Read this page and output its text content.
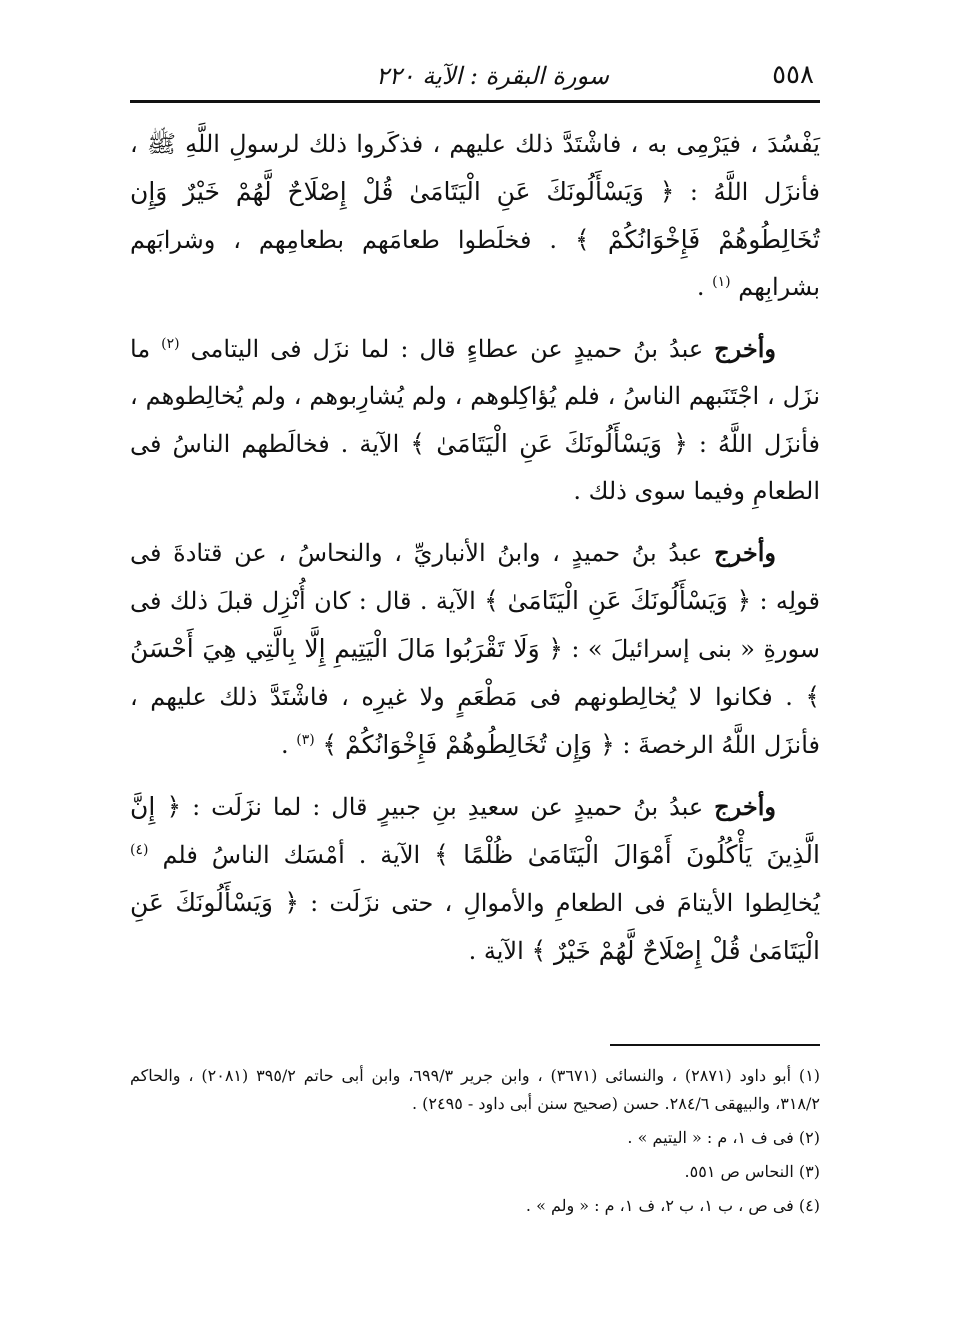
٥٥٨
سورة البقرة : الآية ٢٢٠

يَفْسُدَ ، فيَرْمِى به ، فاشْتَدَّ ذلك عليهم ، فذكَروا ذلك لرسولِ اللَّهِ ﷺ ، فأنزَل اللَّهُ : ﴿ وَيَسْأَلُونَكَ عَنِ الْيَتَامَىٰ قُلْ إِصْلَاحٌ لَّهُمْ خَيْرٌ وَإِن تُخَالِطُوهُمْ فَإِخْوَانُكُمْ ﴾ . فخلَطوا طعامَهم بطعامِهم ، وشرابَهم بشرابِهم $^{(١)}$ .

وأخرج عبدُ بنُ حميدٍ عن عطاءٍ قال : لما نزَل فى اليتامى $^{(٢)}$ ما نزَل ، اجْتَنَبهم الناسُ ، فلم يُؤاكِلوهم ، ولم يُشارِبوهم ، ولم يُخالِطوهم ، فأنزَل اللَّهُ : ﴿ وَيَسْأَلُونَكَ عَنِ الْيَتَامَىٰ ﴾ الآية . فخالَطهم الناسُ فى الطعامِ وفيما سوى ذلك .

وأخرج عبدُ بنُ حميدٍ ، وابنُ الأنباريِّ ، والنحاسُ ، عن قتادةَ فى قولِه : ﴿ وَيَسْأَلُونَكَ عَنِ الْيَتَامَىٰ ﴾ الآية . قال : كان أُنْزِل قبلَ ذلك فى سورةِ « بنى إسرائيلَ » : ﴿ وَلَا تَقْرَبُوا مَالَ الْيَتِيمِ إِلَّا بِالَّتِي هِيَ أَحْسَنُ ﴾ . فكانوا لا يُخالِطونهم فى مَطْعَمٍ ولا غيرِه ، فاشْتَدَّ ذلك عليهم ، فأنزَل اللَّهُ الرخصةَ : ﴿ وَإِن تُخَالِطُوهُمْ فَإِخْوَانُكُمْ ﴾ $^{(٣)}$ .

وأخرج عبدُ بنُ حميدٍ عن سعيدِ بنِ جبيرٍ قال : لما نزَلَت : ﴿ إِنَّ الَّذِينَ يَأْكُلُونَ أَمْوَالَ الْيَتَامَىٰ ظُلْمًا ﴾ الآية . أمْسَك الناسُ فلم $^{(٤)}$ يُخالِطوا الأيتامَ فى الطعامِ والأموالِ ، حتى نزَلَت : ﴿ وَيَسْأَلُونَكَ عَنِ الْيَتَامَىٰ قُلْ إِصْلَاحٌ لَّهُمْ خَيْرٌ ﴾ الآية .

(١) أبو داود (٢٨٧١) ، والنسائى (٣٦٧١) ، وابن جرير ٦٩٩/٣، وابن أبى حاتم ٣٩٥/٢ (٢٠٨١) ، والحاكم ٣١٨/٢، والبيهقى ٢٨٤/٦. حسن (صحيح سنن أبى داود - ٢٤٩٥) .

(٢) فى ف ١، م : « اليتيم » .

(٣) النحاس ص ٥٥١.

(٤) فى ص ، ب ١، ب ٢، ف ١، م : « ولم » .
